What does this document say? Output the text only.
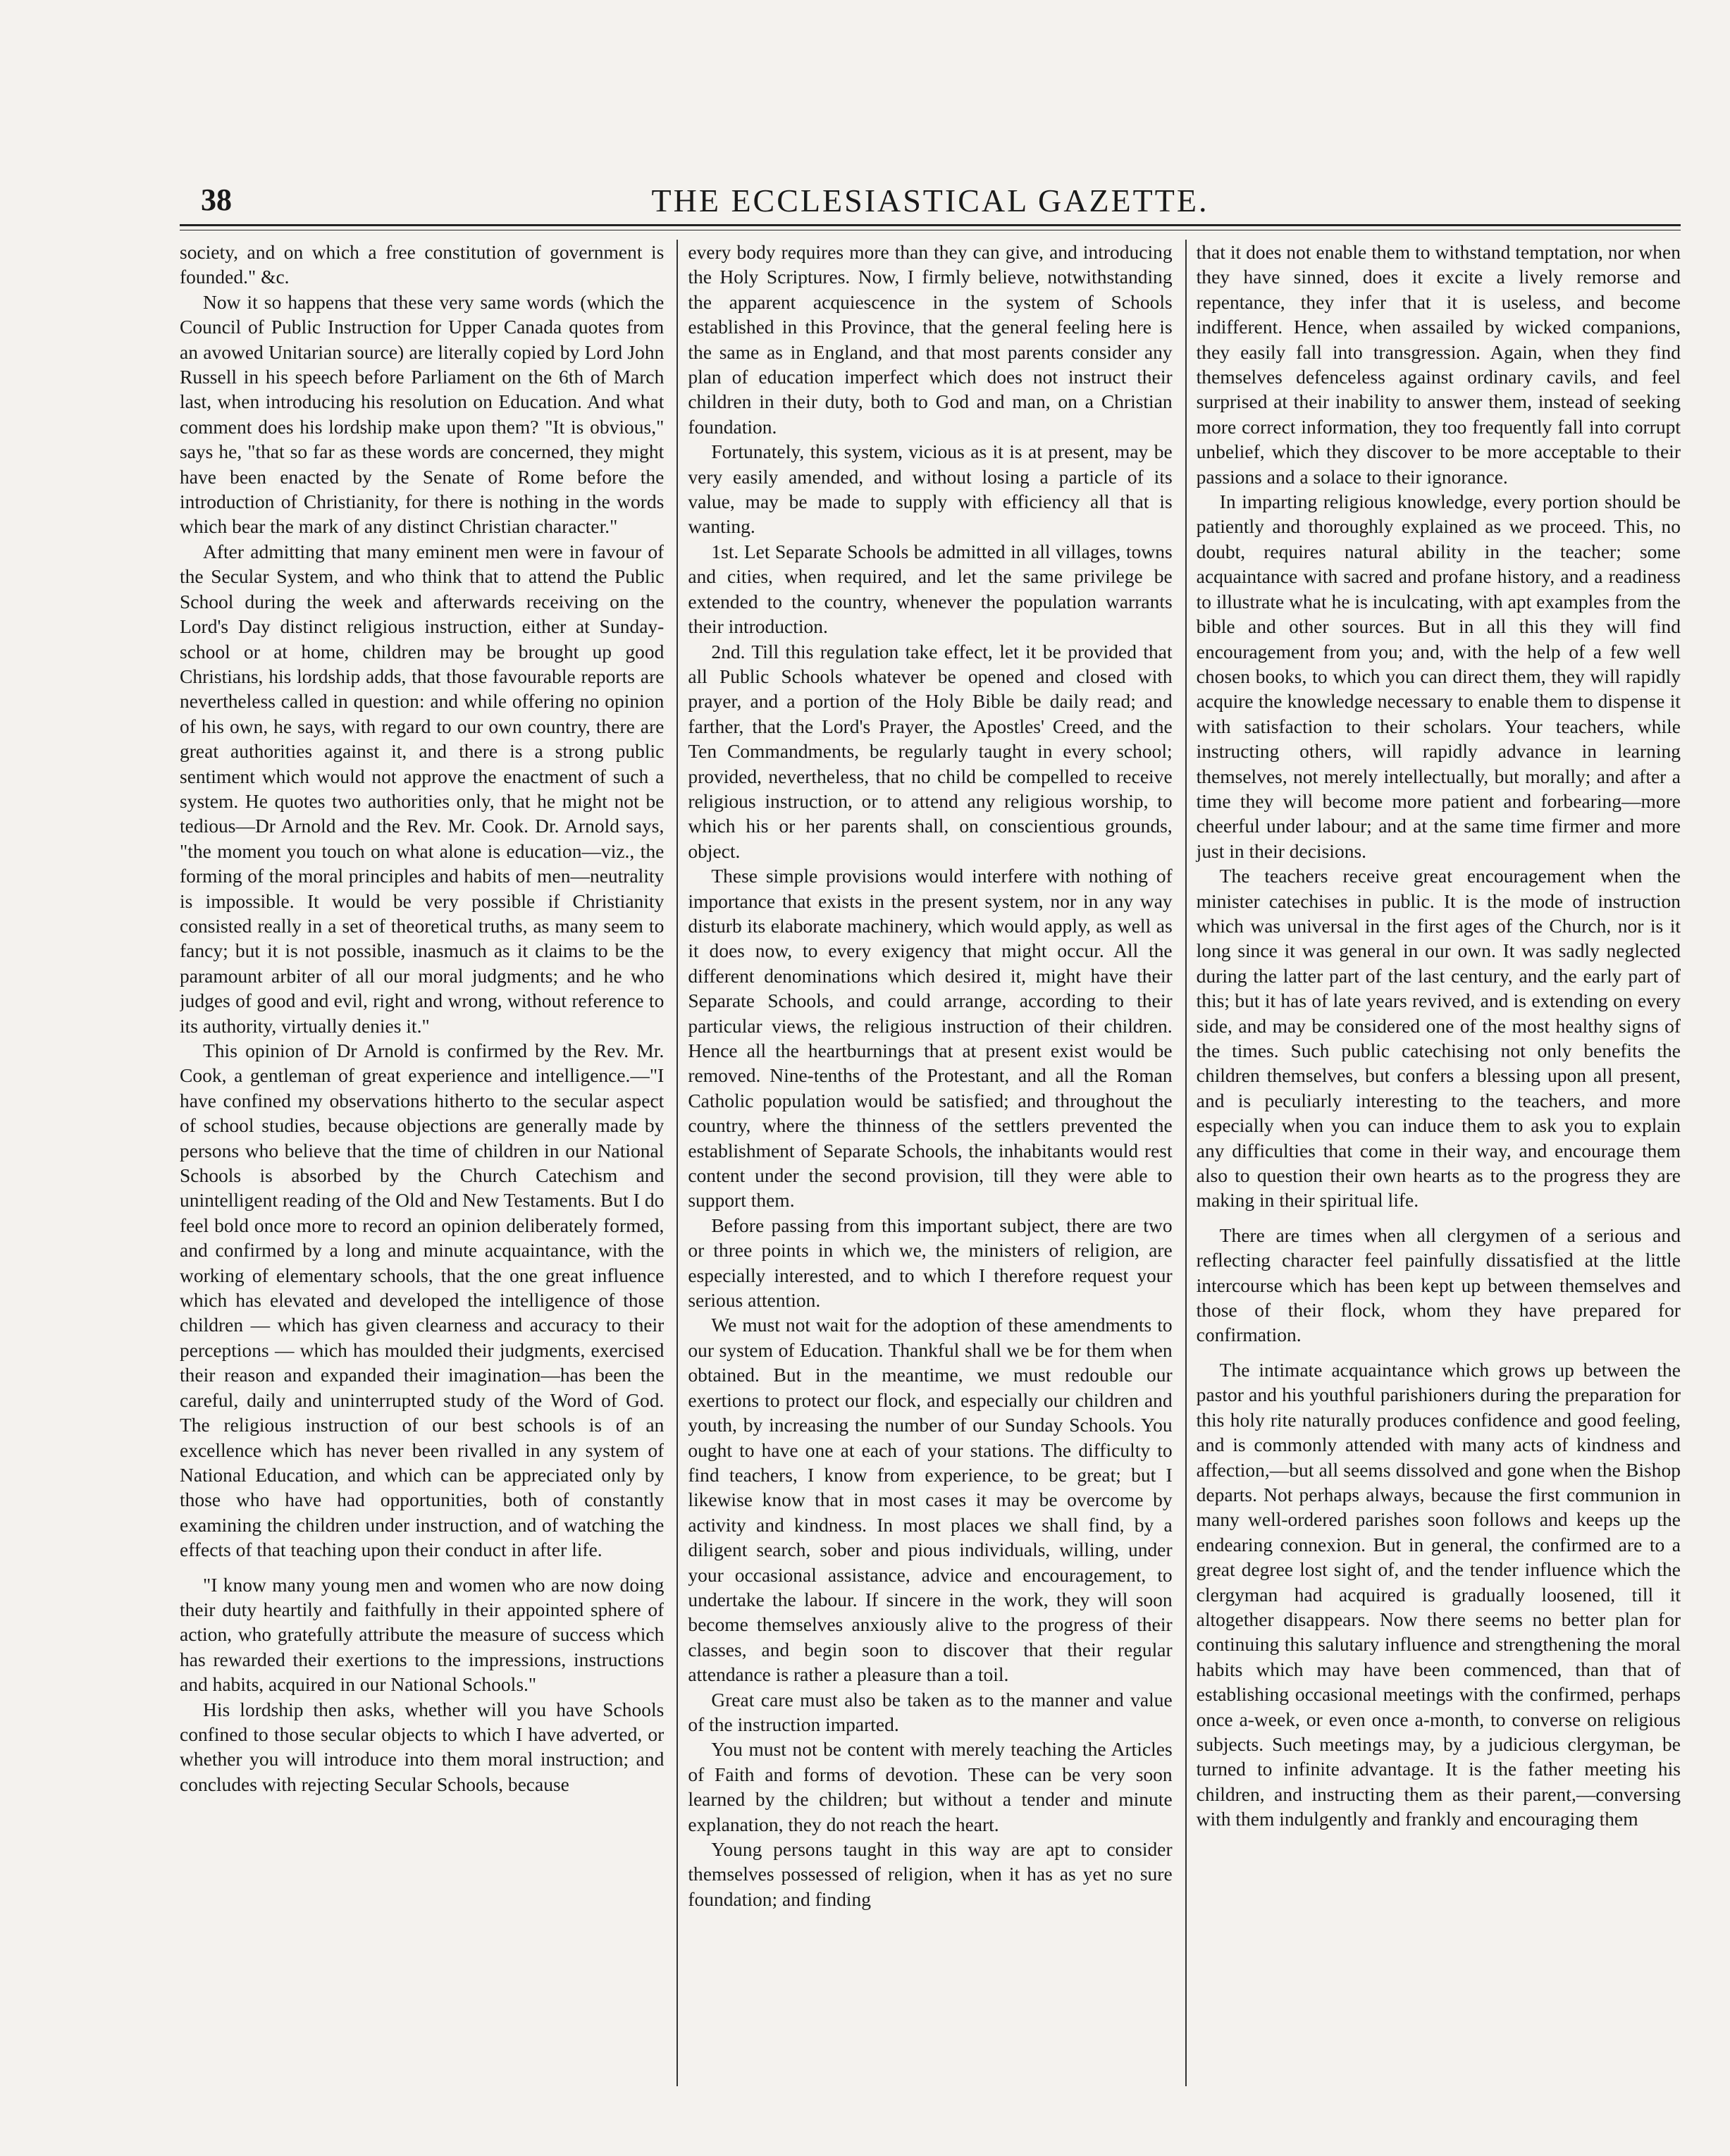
38	THE ECCLESIASTICAL GAZETTE.

society, and on which a free constitution of government is founded." &c.

Now it so happens that these very same words (which the Council of Public Instruction for Upper Canada quotes from an avowed Unitarian source) are literally copied by Lord John Russell in his speech before Parliament on the 6th of March last, when introducing his resolution on Education. And what comment does his lordship make upon them? "It is obvious," says he, "that so far as these words are concerned, they might have been enacted by the Senate of Rome before the introduction of Christianity, for there is nothing in the words which bear the mark of any distinct Christian character."

After admitting that many eminent men were in favour of the Secular System, and who think that to attend the Public School during the week and afterwards receiving on the Lord's Day distinct religious instruction, either at Sunday-school or at home, children may be brought up good Christians, his lordship adds, that those favourable reports are nevertheless called in question: and while offering no opinion of his own, he says, with regard to our own country, there are great authorities against it, and there is a strong public sentiment which would not approve the enactment of such a system. He quotes two authorities only, that he might not be tedious—Dr Arnold and the Rev. Mr. Cook. Dr. Arnold says, "the moment you touch on what alone is education—viz., the forming of the moral principles and habits of men—neutrality is impossible. It would be very possible if Christianity consisted really in a set of theoretical truths, as many seem to fancy; but it is not possible, inasmuch as it claims to be the paramount arbiter of all our moral judgments; and he who judges of good and evil, right and wrong, without reference to its authority, virtually denies it."

This opinion of Dr Arnold is confirmed by the Rev. Mr. Cook, a gentleman of great experience and intelligence.—"I have confined my observations hitherto to the secular aspect of school studies, because objections are generally made by persons who believe that the time of children in our National Schools is absorbed by the Church Catechism and unintelligent reading of the Old and New Testaments. But I do feel bold once more to record an opinion deliberately formed, and confirmed by a long and minute acquaintance, with the working of elementary schools, that the one great influence which has elevated and developed the intelligence of those children — which has given clearness and accuracy to their perceptions — which has moulded their judgments, exercised their reason and expanded their imagination—has been the careful, daily and uninterrupted study of the Word of God. The religious instruction of our best schools is of an excellence which has never been rivalled in any system of National Education, and which can be appreciated only by those who have had opportunities, both of constantly examining the children under instruction, and of watching the effects of that teaching upon their conduct in after life.

"I know many young men and women who are now doing their duty heartily and faithfully in their appointed sphere of action, who gratefully attribute the measure of success which has rewarded their exertions to the impressions, instructions and habits, acquired in our National Schools."

His lordship then asks, whether will you have Schools confined to those secular objects to which I have adverted, or whether you will introduce into them moral instruction; and concludes with rejecting Secular Schools, because

every body requires more than they can give, and introducing the Holy Scriptures. Now, I firmly believe, notwithstanding the apparent acquiescence in the system of Schools established in this Province, that the general feeling here is the same as in England, and that most parents consider any plan of education imperfect which does not instruct their children in their duty, both to God and man, on a Christian foundation.

Fortunately, this system, vicious as it is at present, may be very easily amended, and without losing a particle of its value, may be made to supply with efficiency all that is wanting.

1st. Let Separate Schools be admitted in all villages, towns and cities, when required, and let the same privilege be extended to the country, whenever the population warrants their introduction.

2nd. Till this regulation take effect, let it be provided that all Public Schools whatever be opened and closed with prayer, and a portion of the Holy Bible be daily read; and farther, that the Lord's Prayer, the Apostles' Creed, and the Ten Commandments, be regularly taught in every school; provided, nevertheless, that no child be compelled to receive religious instruction, or to attend any religious worship, to which his or her parents shall, on conscientious grounds, object.

These simple provisions would interfere with nothing of importance that exists in the present system, nor in any way disturb its elaborate machinery, which would apply, as well as it does now, to every exigency that might occur. All the different denominations which desired it, might have their Separate Schools, and could arrange, according to their particular views, the religious instruction of their children. Hence all the heartburnings that at present exist would be removed. Nine-tenths of the Protestant, and all the Roman Catholic population would be satisfied; and throughout the country, where the thinness of the settlers prevented the establishment of Separate Schools, the inhabitants would rest content under the second provision, till they were able to support them.

Before passing from this important subject, there are two or three points in which we, the ministers of religion, are especially interested, and to which I therefore request your serious attention.

We must not wait for the adoption of these amendments to our system of Education. Thankful shall we be for them when obtained. But in the meantime, we must redouble our exertions to protect our flock, and especially our children and youth, by increasing the number of our Sunday Schools. You ought to have one at each of your stations. The difficulty to find teachers, I know from experience, to be great; but I likewise know that in most cases it may be overcome by activity and kindness. In most places we shall find, by a diligent search, sober and pious individuals, willing, under your occasional assistance, advice and encouragement, to undertake the labour. If sincere in the work, they will soon become themselves anxiously alive to the progress of their classes, and begin soon to discover that their regular attendance is rather a pleasure than a toil.

Great care must also be taken as to the manner and value of the instruction imparted.

You must not be content with merely teaching the Articles of Faith and forms of devotion. These can be very soon learned by the children; but without a tender and minute explanation, they do not reach the heart.

Young persons taught in this way are apt to consider themselves possessed of religion, when it has as yet no sure foundation; and finding

that it does not enable them to withstand temptation, nor when they have sinned, does it excite a lively remorse and repentance, they infer that it is useless, and become indifferent. Hence, when assailed by wicked companions, they easily fall into transgression. Again, when they find themselves defenceless against ordinary cavils, and feel surprised at their inability to answer them, instead of seeking more correct information, they too frequently fall into corrupt unbelief, which they discover to be more acceptable to their passions and a solace to their ignorance.

In imparting religious knowledge, every portion should be patiently and thoroughly explained as we proceed. This, no doubt, requires natural ability in the teacher; some acquaintance with sacred and profane history, and a readiness to illustrate what he is inculcating, with apt examples from the bible and other sources. But in all this they will find encouragement from you; and, with the help of a few well chosen books, to which you can direct them, they will rapidly acquire the knowledge necessary to enable them to dispense it with satisfaction to their scholars. Your teachers, while instructing others, will rapidly advance in learning themselves, not merely intellectually, but morally; and after a time they will become more patient and forbearing—more cheerful under labour; and at the same time firmer and more just in their decisions.

The teachers receive great encouragement when the minister catechises in public. It is the mode of instruction which was universal in the first ages of the Church, nor is it long since it was general in our own. It was sadly neglected during the latter part of the last century, and the early part of this; but it has of late years revived, and is extending on every side, and may be considered one of the most healthy signs of the times. Such public catechising not only benefits the children themselves, but confers a blessing upon all present, and is peculiarly interesting to the teachers, and more especially when you can induce them to ask you to explain any difficulties that come in their way, and encourage them also to question their own hearts as to the progress they are making in their spiritual life.

There are times when all clergymen of a serious and reflecting character feel painfully dissatisfied at the little intercourse which has been kept up between themselves and those of their flock, whom they have prepared for confirmation.

The intimate acquaintance which grows up between the pastor and his youthful parishioners during the preparation for this holy rite naturally produces confidence and good feeling, and is commonly attended with many acts of kindness and affection,—but all seems dissolved and gone when the Bishop departs. Not perhaps always, because the first communion in many well-ordered parishes soon follows and keeps up the endearing connexion. But in general, the confirmed are to a great degree lost sight of, and the tender influence which the clergyman had acquired is gradually loosened, till it altogether disappears. Now there seems no better plan for continuing this salutary influence and strengthening the moral habits which may have been commenced, than that of establishing occasional meetings with the confirmed, perhaps once a-week, or even once a-month, to converse on religious subjects. Such meetings may, by a judicious clergyman, be turned to infinite advantage. It is the father meeting his children, and instructing them as their parent,—conversing with them indulgently and frankly and encouraging them
